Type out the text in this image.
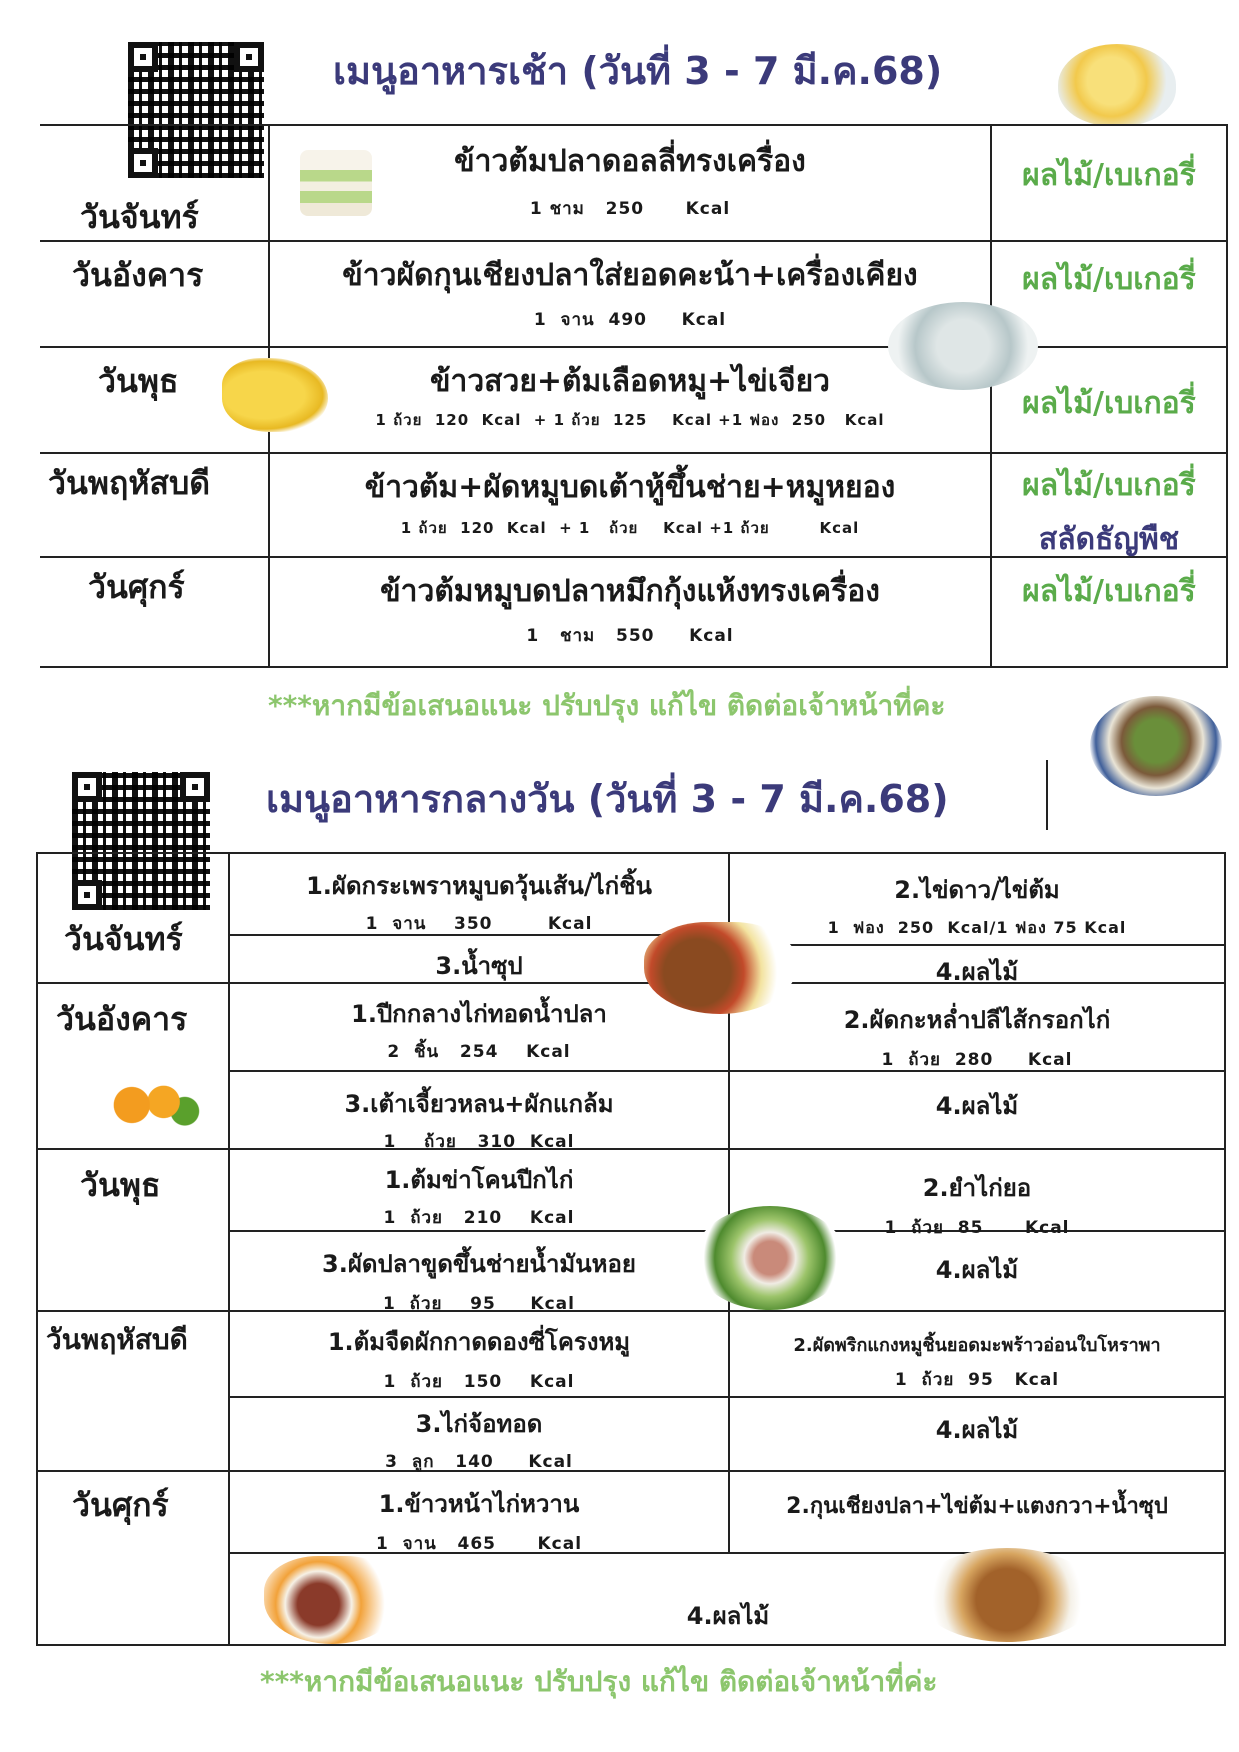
เมนูอาหารเช้า (วันที่ 3 - 7 มี.ค.68)
วันจันทร์
ข้าวต้มปลาดอลลี่ทรงเครื่อง
1 ชาม   250      Kcal
ผลไม้/เบเกอรี่
วันอังคาร	ข้าวผัดกุนเชียงปลาใส่ยอดคะน้า+เครื่องเคียง
1  จาน  490     Kcal
ผลไม้/เบเกอรี่
วันพุธ	ข้าวสวย+ต้มเลือดหมู+ไข่เจียว
1 ถ้วย  120  Kcal  + 1 ถ้วย  125    Kcal +1 ฟอง  250   Kcal	ผลไม้/เบเกอรี่
วันพฤหัสบดี	ข้าวต้ม+ผัดหมูบดเต้าหู้ขึ้นช่าย+หมูหยอง
1 ถ้วย  120  Kcal  + 1   ถ้วย    Kcal +1 ถ้วย        Kcal
ผลไม้/เบเกอรี่
สลัดธัญพืช
วันศุกร์	ข้าวต้มหมูบดปลาหมึกกุ้งแห้งทรงเครื่อง
1   ชาม   550     Kcal
ผลไม้/เบเกอรี่
***หากมีข้อเสนอแนะ ปรับปรุง แก้ไข ติดต่อเจ้าหน้าที่คะ
เมนูอาหารกลางวัน (วันที่ 3 - 7 มี.ค.68)
วันจันทร์
1.ผัดกระเพราหมูบดวุ้นเส้น/ไก่ชิ้น
1  จาน    350        Kcal
2.ไข่ดาว/ไข่ต้ม
1  ฟอง  250  Kcal/1 ฟอง 75 Kcal
3.น้ำซุป	4.ผลไม้
วันอังคาร	1.ปีกกลางไก่ทอดน้ำปลา
2  ชิ้น   254    Kcal
2.ผัดกะหล่ำปลีไส้กรอกไก่
1  ถ้วย  280     Kcal
3.เต้าเจี้ยวหลน+ผักแกล้ม
1    ถ้วย   310  Kcal
4.ผลไม้
วันพุธ	1.ต้มข่าโคนปีกไก่
1  ถ้วย   210    Kcal
2.ยำไก่ยอ
1  ถ้วย  85      Kcal
3.ผัดปลาขูดขึ้นช่ายน้ำมันหอย
1  ถ้วย    95     Kcal
4.ผลไม้
วันพฤหัสบดี	1.ต้มจืดผักกาดดองซี่โครงหมู
1  ถ้วย   150    Kcal
2.ผัดพริกแกงหมูชิ้นยอดมะพร้าวอ่อนใบโหราพา
1  ถ้วย  95   Kcal
3.ไก่จ้อทอด
3  ลูก   140     Kcal
4.ผลไม้
วันศุกร์	1.ข้าวหน้าไก่หวาน
1  จาน   465      Kcal
2.กุนเชียงปลา+ไข่ต้ม+แตงกวา+น้ำซุป
4.ผลไม้
***หากมีข้อเสนอแนะ ปรับปรุง แก้ไข ติดต่อเจ้าหน้าที่ค่ะ
